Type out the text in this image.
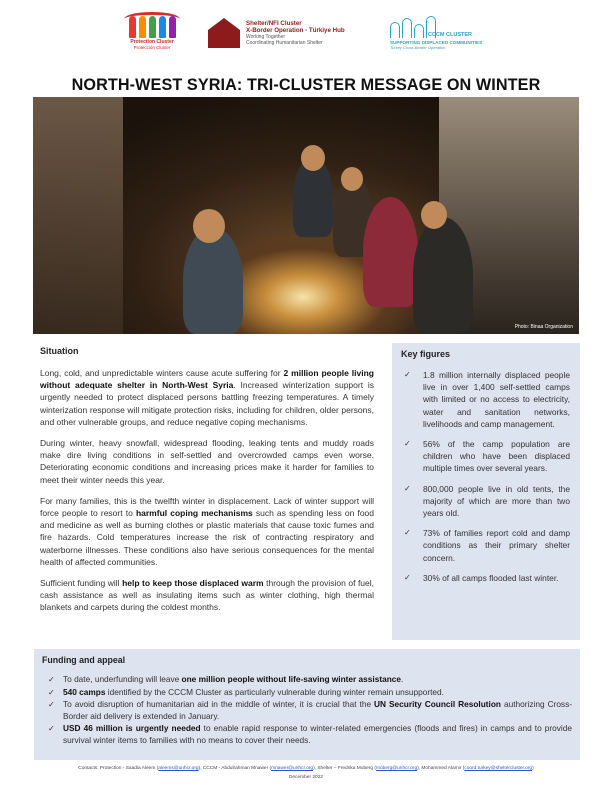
Protection Cluster
Protección Cluster
Shelter/NFI Cluster
X-Border Operation - Türkiye Hub
Working Together
Coordinating Humanitarian Shelter
CCCM CLUSTER
SUPPORTING DISPLACED COMMUNITIES
Turkey Cross-Border Operation
NORTH-WEST SYRIA: TRI-CLUSTER MESSAGE ON WINTER
Photo: Binaa Organization
Situation

Long, cold, and unpredictable winters cause acute suffering for 2 million people living without adequate shelter in North-West Syria. Increased winterization support is urgently needed to protect displaced persons battling freezing temperatures. A timely winterization response will mitigate protection risks, including for children, older persons, and other vulnerable groups, and reduce negative coping mechanisms.

During winter, heavy snowfall, widespread flooding, leaking tents and muddy roads make dire living conditions in self-settled and overcrowded camps even worse. Deteriorating economic conditions and increasing prices make it harder for families to meet their winter needs this year.

For many families, this is the twelfth winter in displacement. Lack of winter support will force people to resort to harmful coping mechanisms such as spending less on food and medicine as well as burning clothes or plastic materials that cause toxic fumes and fire hazards. Cold temperatures increase the risk of contracting respiratory and waterborne illnesses. These conditions also have serious consequences for the mental health of affected communities.

Sufficient funding will help to keep those displaced warm through the provision of fuel, cash assistance as well as insulating items such as winter clothing, high thermal blankets and carpets during the coldest months.

Key figures
✓	1.8 million internally displaced people live in over 1,400 self-settled camps with limited or no access to electricity, water and sanitation networks, livelihoods and camp management.
✓	56% of the camp population are children who have been displaced multiple times over several years.
✓	800,000 people live in old tents, the majority of which are more than two years old.
✓	73% of families report cold and damp conditions as their primary shelter concern.
✓	30% of all camps flooded last winter.
Funding and appeal
✓ To date, underfunding will leave one million people without life-saving winter assistance.
✓ 540 camps identified by the CCCM Cluster as particularly vulnerable during winter remain unsupported.
✓ To avoid disruption of humanitarian aid in the middle of winter, it is crucial that the UN Security Council Resolution authorizing Cross-Border aid delivery is extended in January.
✓ USD 46 million is urgently needed to enable rapid response to winter-related emergencies (floods and fires) in camps and to provide survival winter items to families with no means to cover their needs.
Contacts: Protection - Saadia Aleem (aleems@unhcr.org), CCCM - Abdulrahman Mnawer (mnawer@unhcr.org), Shelter – Fredrika Moberg (moberg@unhcr.org), Mohammed Alamir (coord.turkey@sheltercluster.org)
December 2022
